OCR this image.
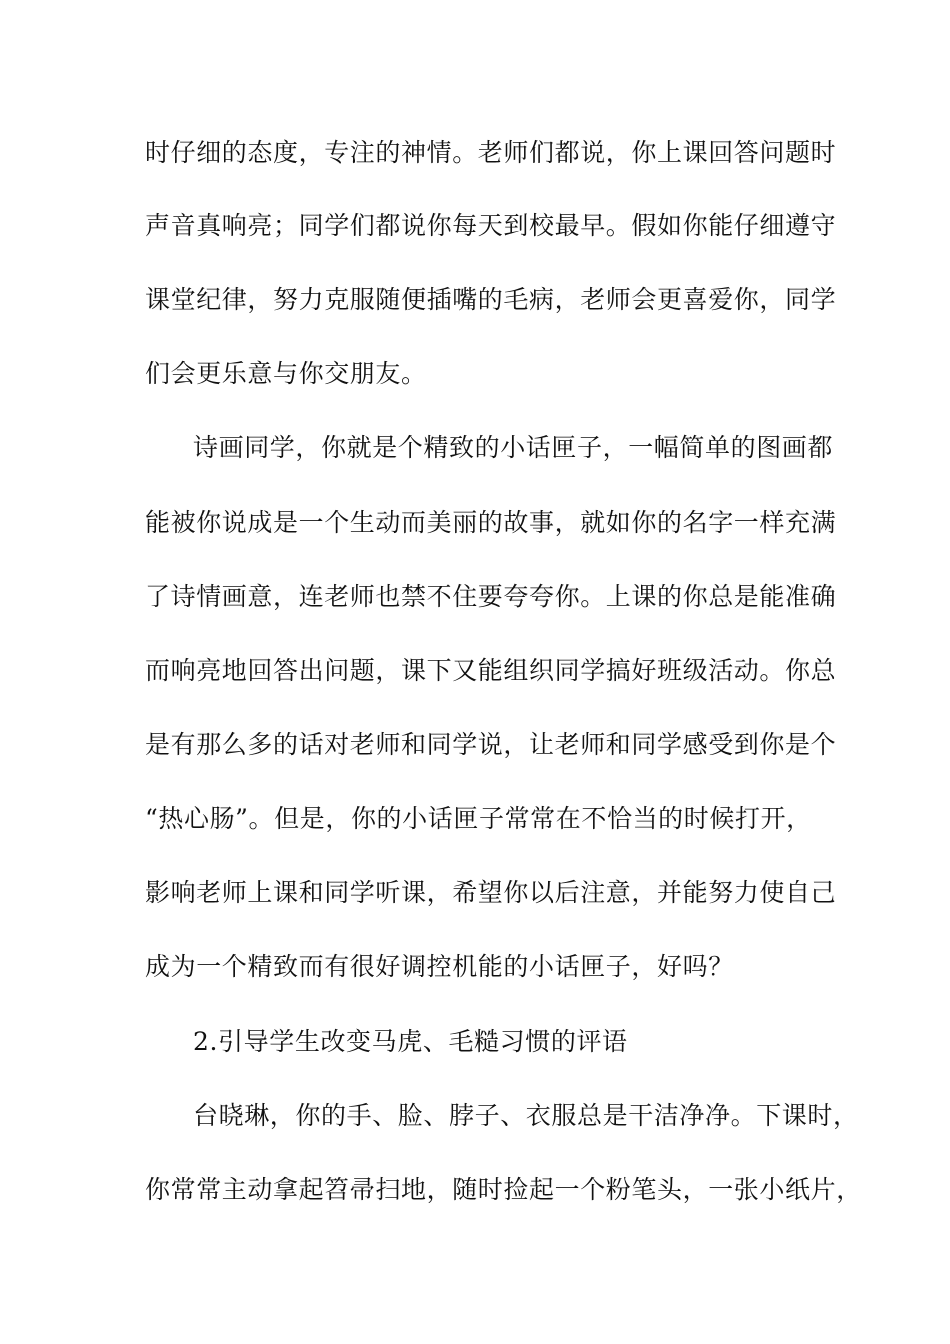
时仔细的态度，专注的神情。老师们都说，你上课回答问题时
声音真响亮；同学们都说你每天到校最早。假如你能仔细遵守
课堂纪律，努力克服随便插嘴的毛病，老师会更喜爱你，同学
们会更乐意与你交朋友。
诗画同学，你就是个精致的小话匣子，一幅简单的图画都
能被你说成是一个生动而美丽的故事，就如你的名字一样充满
了诗情画意，连老师也禁不住要夸夸你。上课的你总是能准确
而响亮地回答出问题，课下又能组织同学搞好班级活动。你总
是有那么多的话对老师和同学说，让老师和同学感受到你是个
“热心肠”。但是，你的小话匣子常常在不恰当的时候打开，
影响老师上课和同学听课，希望你以后注意，并能努力使自己
成为一个精致而有很好调控机能的小话匣子，好吗？
2.引导学生改变马虎、毛糙习惯的评语
台晓琳，你的手、脸、脖子、衣服总是干洁净净。下课时，
你常常主动拿起笤帚扫地，随时捡起一个粉笔头，一张小纸片，
